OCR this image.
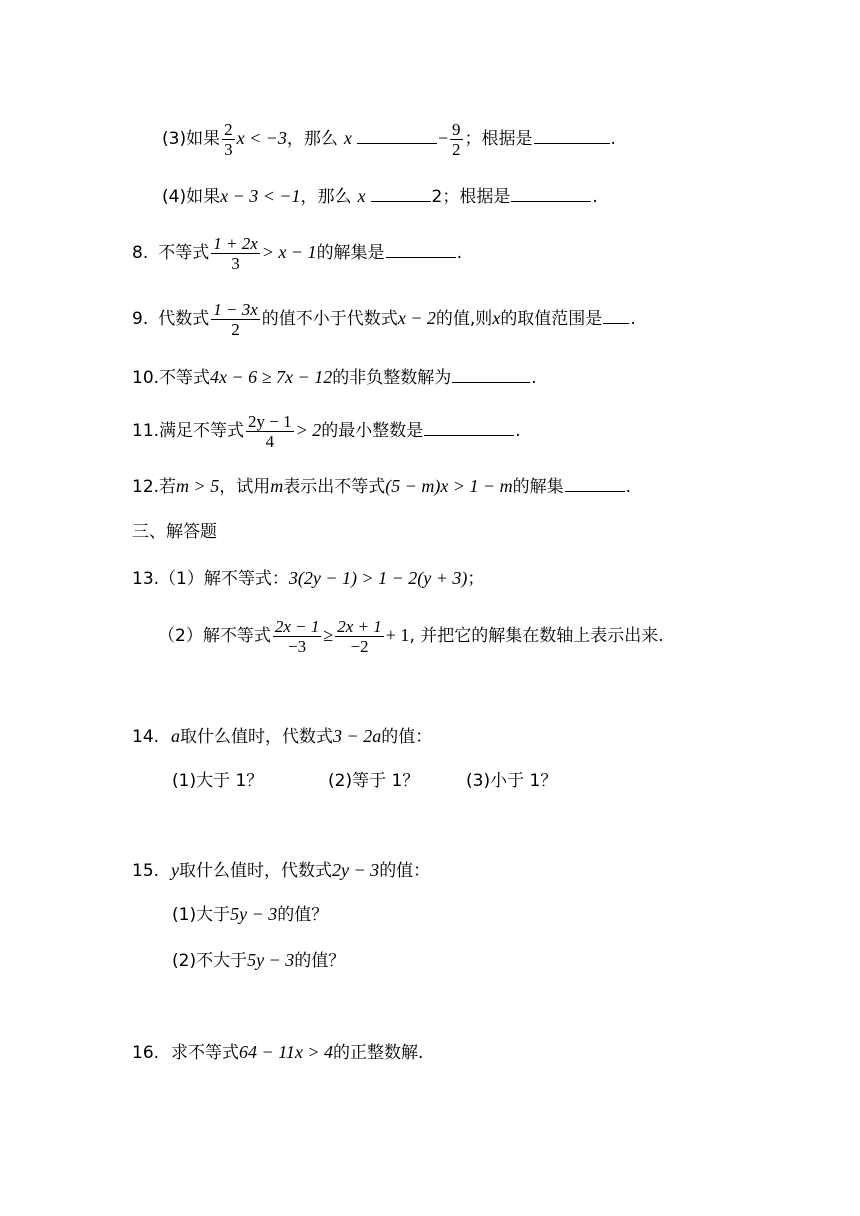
(3)如果 $\frac{2}{3}$ x < −3，那么 x	− $\frac{9}{2}$ ；根据是	.
(4)如果x − 3 < −1，那么 x	2；根据是	.
8. 不等式 $\frac{1 + 2x}{3} > x - 1$的解集是	.
9. 代数式 $\frac{1 - 3x}{2}$ 的值不小于代数式x − 2的值,则x的取值范围是 .
10.不等式4x − 6 ≥ 7x − 12的非负整数解为	.
11.满足不等式 $\frac{2y - 1}{4} > 2$的最小整数是	.
12.若m > 5，试用m表示出不等式(5 − m)x > 1 − m的解集	.
三、解答题
13.（1）解不等式：3(2y − 1) > 1 − 2(y + 3)；
（2）解不等式 $\frac{2x - 1}{-3} \ge \frac{2x + 1}{-2} + 1$, 并把它的解集在数轴上表示出来.
14. a取什么值时，代数式3 − 2a的值：
(1)大于 1？	(2)等于 1？	(3)小于 1？
15. y取什么值时，代数式2y − 3的值：
(1)大于5y − 3的值？
(2)不大于5y − 3的值？
16. 求不等式64 − 11x > 4的正整数解.
